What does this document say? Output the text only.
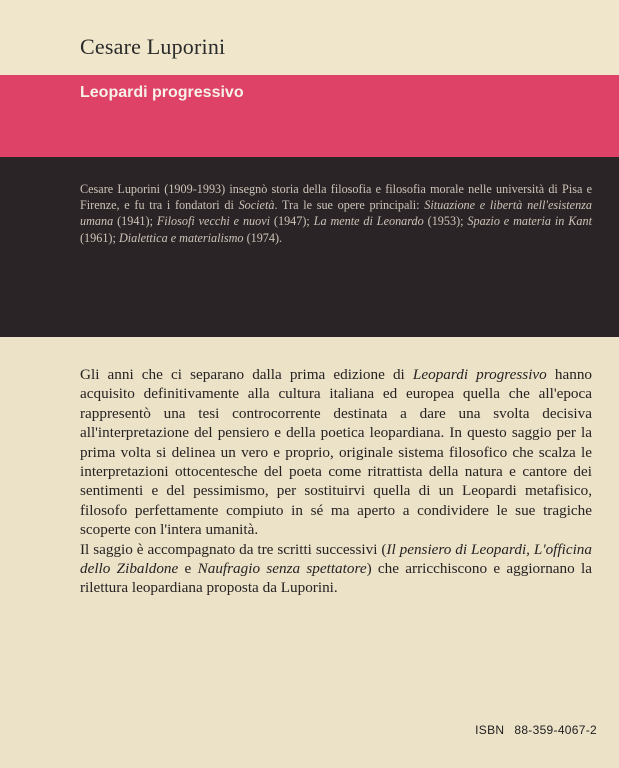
Cesare Luporini
Leopardi progressivo
Cesare Luporini (1909-1993) insegnò storia della filosofia e filosofia morale nelle università di Pisa e Firenze, e fu tra i fondatori di Società. Tra le sue opere principali: Situazione e libertà nell'esistenza umana (1941); Filosofi vecchi e nuovi (1947); La mente di Leonardo (1953); Spazio e materia in Kant (1961); Dialettica e materialismo (1974).
Gli anni che ci separano dalla prima edizione di Leopardi progressivo hanno acquisito definitivamente alla cultura italiana ed europea quella che all'epoca rappresentò una tesi controcorrente destinata a dare una svolta decisiva all'interpretazione del pensiero e della poetica leopardiana. In questo saggio per la prima volta si delinea un vero e proprio, originale sistema filosofico che scalza le interpretazioni ottocentesche del poeta come ritrattista della natura e cantore dei sentimenti e del pessimismo, per sostituirvi quella di un Leopardi metafisico, filosofo perfettamente compiuto in sé ma aperto a condividere le sue tragiche scoperte con l'intera umanità.
Il saggio è accompagnato da tre scritti successivi (Il pensiero di Leopardi, L'officina dello Zibaldone e Naufragio senza spettatore) che arricchiscono e aggiornano la rilettura leopardiana proposta da Luporini.
ISBN 88-359-4067-2
